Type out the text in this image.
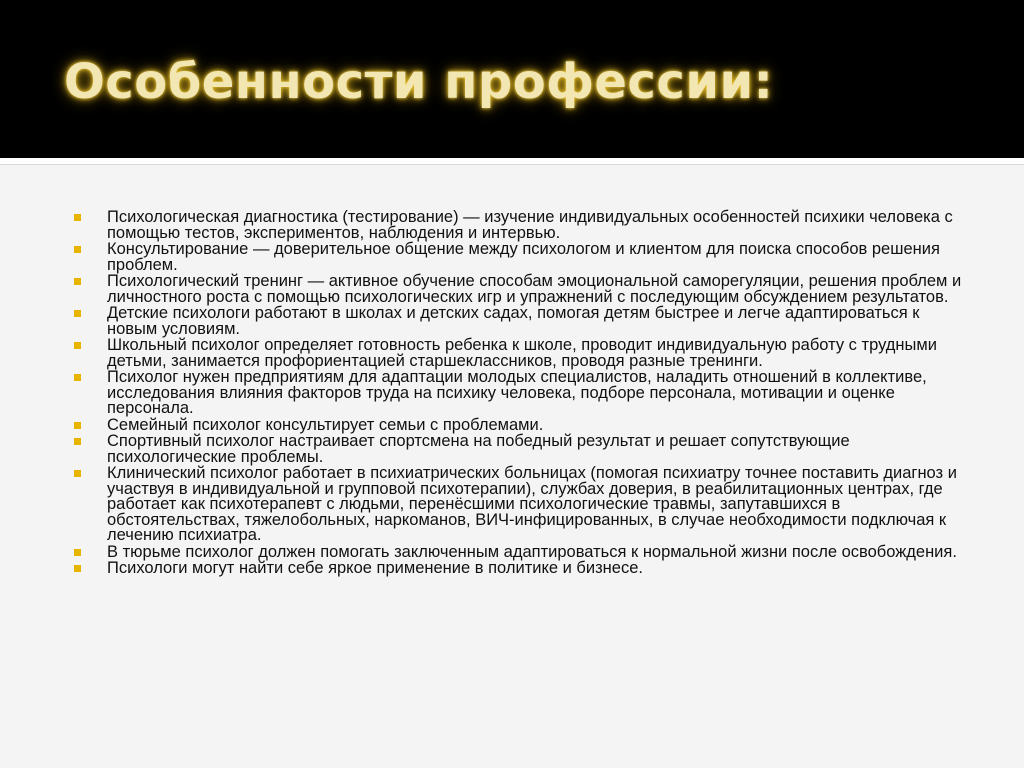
Особенности профессии:
Психологическая диагностика (тестирование) — изучение индивидуальных особенностей психики человека с помощью тестов, экспериментов, наблюдения и интервью.
Консультирование — доверительное общение между психологом и клиентом для поиска способов решения проблем.
Психологический тренинг — активное обучение способам эмоциональной саморегуляции, решения проблем и личностного роста с помощью психологических игр и упражнений с последующим обсуждением результатов.
Детские психологи работают в школах и детских садах, помогая детям быстрее и легче адаптироваться к новым условиям.
Школьный психолог определяет готовность ребенка к школе, проводит индивидуальную работу с трудными детьми, занимается профориентацией старшеклассников, проводя разные тренинги.
Психолог нужен предприятиям для адаптации молодых специалистов, наладить отношений в коллективе, исследования влияния факторов труда на психику человека, подборе персонала, мотивации и оценке персонала.
Семейный психолог консультирует семьи с проблемами.
Спортивный психолог настраивает спортсмена на победный результат и решает сопутствующие психологические проблемы.
Клинический психолог работает в психиатрических больницах (помогая психиатру точнее поставить диагноз и участвуя в индивидуальной и групповой психотерапии), службах доверия, в реабилитационных центрах, где работает как психотерапевт с людьми, перенёсшими психологические травмы, запутавшихся в обстоятельствах, тяжелобольных, наркоманов, ВИЧ-инфицированных, в случае необходимости подключая к лечению психиатра.
В тюрьме психолог должен помогать заключенным адаптироваться к нормальной жизни после освобождения.
Психологи могут найти себе яркое применение в политике и бизнесе.
